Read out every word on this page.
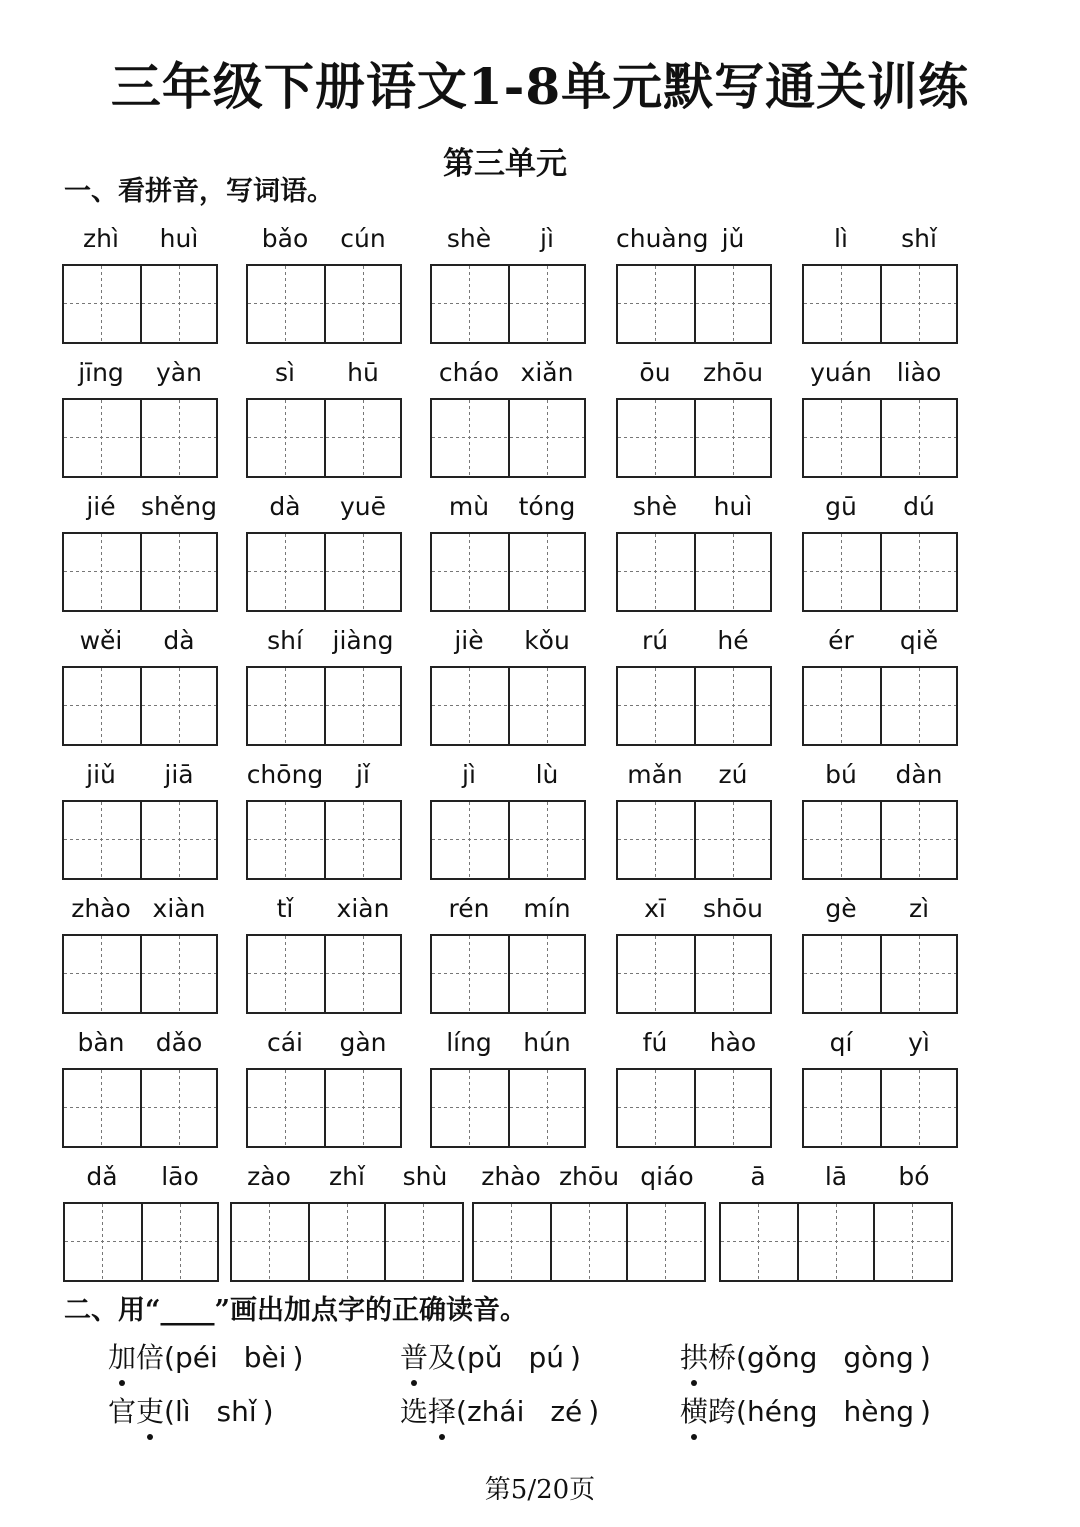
三年级下册语文1-8单元默写通关训练
第三单元
一、看拼音，写词语。
zhì	huì	bǎo	cún	shè	jì	chuàng jǔ	lì	shǐ
jīng	yàn	sì	hū	cháo xiǎn	ōu	zhōu	yuán liào
jié	shěng	dà	yuē	mù	tóng	shè	huì	gū	dú
wěi	dà	shí	jiàng	jiè	kǒu	rú	hé	ér	qiě
jiǔ	jiā	chōng	jǐ	jì	lù	mǎn	zú	bú	dàn
zhào xiàn	tǐ	xiàn	rén	mín	xī	shōu	gè	zì
bàn	dǎo	cái	gàn	líng	hún	fú	hào	qí	yì
dǎ	lāo	zào	zhǐ	shù	zhào zhōu qiáo	ā	lā	bó
二、用“____”画出加点字的正确读音。
加倍(péi bèi )	普及(pǔ pú )	拱桥(gǒng gòng )
官吏(lì shǐ )	选择(zhái zé )	横跨(héng hèng )
第5/20页
